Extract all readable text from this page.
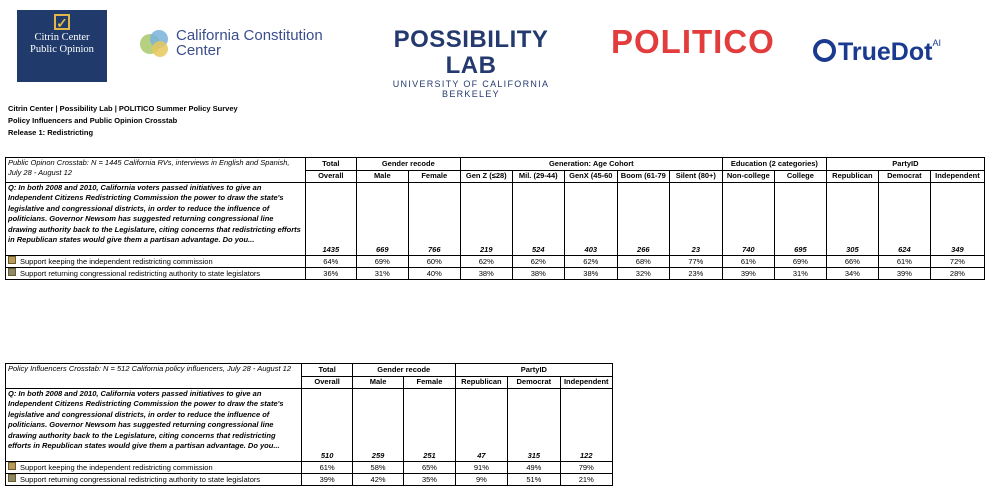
✓
Citrin Center
Public Opinion
California Constitution
Center	POSSIBILITY LAB
UNIVERSITY OF CALIFORNIA BERKELEY
POLITICO	TrueDot$^{AI}$
Citrin Center | Possibility Lab | POLITICO Summer Policy Survey
Policy Influencers and Public Opinion Crosstab
Release 1: Redistricting
Public Opinon Crosstab: N = 1445 California RVs, interviews in English and Spanish, July 28 - August 12	Total	Gender recode		Generation: Age Cohort					Education (2 categories)		PartyID		
	Overall	Male	Female	Gen Z (≤28)	Mil. (29-44)	GenX (45-60	Boom (61-79	Silent (80+)	Non-college	College	Republican	Democrat	Independent
Q: In both 2008 and 2010, California voters passed initiatives to give an Independent Citizens Redistricting Commission the power to draw the state's legislative and congressional districts, in order to reduce the influence of politicians. Governor Newsom has suggested returning congressional line drawing authority back to the Legislature, citing concerns that redistricting efforts in Republican states would give them a partisan advantage. Do you...	1435	669	766	219	524	403	266	23	740	695	305	624	349
Support keeping the independent redistricting commission	64%	69%	60%	62%	62%	62%	68%	77%	61%	69%	66%	61%	72%
Support returning congressional redistricting authority to state legislators	36%	31%	40%	38%	38%	38%	32%	23%	39%	31%	34%	39%	28%
Policy Influencers Crosstab: N = 512 California policy influencers, July 28 - August 12	Total	Gender recode		PartyID		
	Overall	Male	Female	Republican	Democrat	Independent
Q: In both 2008 and 2010, California voters passed initiatives to give an Independent Citizens Redistricting Commission the power to draw the state's legislative and congressional districts, in order to reduce the influence of politicians. Governor Newsom has suggested returning congressional line drawing authority back to the Legislature, citing concerns that redistricting efforts in Republican states would give them a partisan advantage. Do you...	510	259	251	47	315	122
Support keeping the independent redistricting commission	61%	58%	65%	91%	49%	79%
Support returning congressional redistricting authority to state legislators	39%	42%	35%	9%	51%	21%
